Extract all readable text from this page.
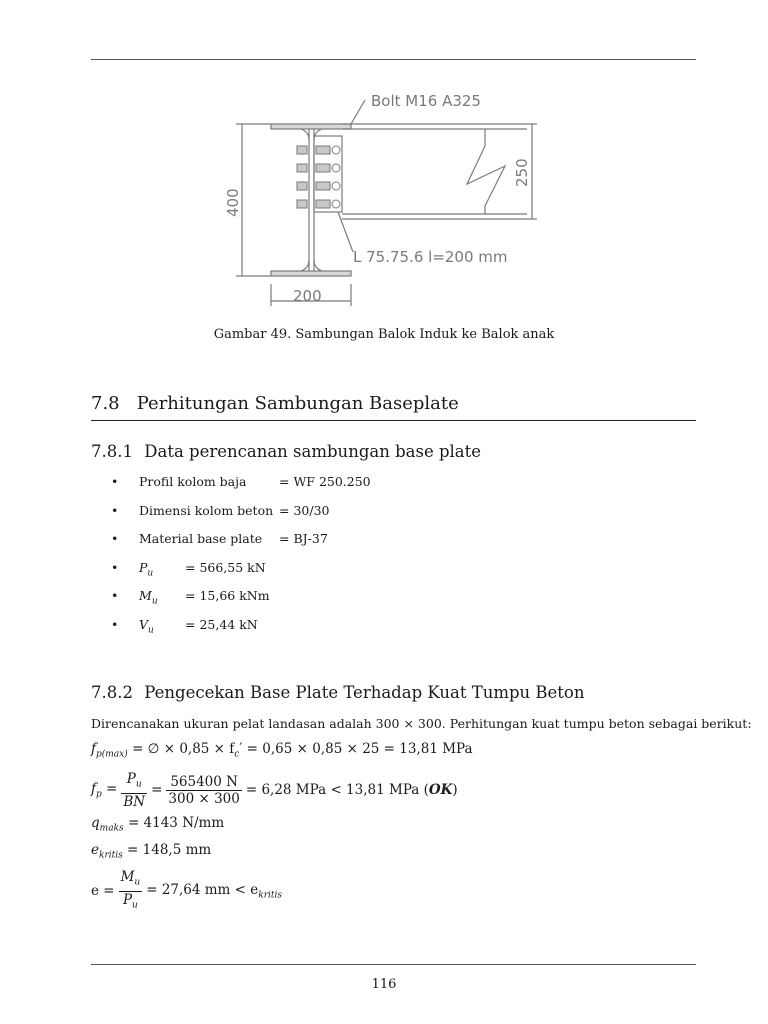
Bolt M16 A325
L 75.75.6 l=200 mm
200
400
250
Gambar 49. Sambungan Balok Induk ke Balok anak
7.8 Perhitungan Sambungan Baseplate
7.8.1 Data perencanan sambungan base plate
• Profil kolom baja	= WF 250.250
• Dimensi kolom beton = 30/30
• Material base plate = BJ-37
• $P_u$	= 566,55 kN
• $M_u = 15,66$ kNm
• $V_u = 25,44$ kN
7.8.2 Pengecekan Base Plate Terhadap Kuat Tumpu Beton
Direncanakan ukuran pelat landasan adalah 300 × 300. Perhitungan kuat tumpu beton sebagai berikut:
$f_{p(max)}$ = ∅ × $0,85 \times f_c' = 0,65 \times 0,85 \times 25 = 13,81$ MPa
$f_p = \frac{P_u}{BN} = \frac{565400 N}{300 \times 300} = 6,28$ MPa < 13,81 MPa (OK)
$q_{maks} = 4143$ N/mm
$e_{kritis} = 148,5$ mm
$e = \frac{M_u}{P_u} = 27,64$ mm < $e_{kritis}$
116
